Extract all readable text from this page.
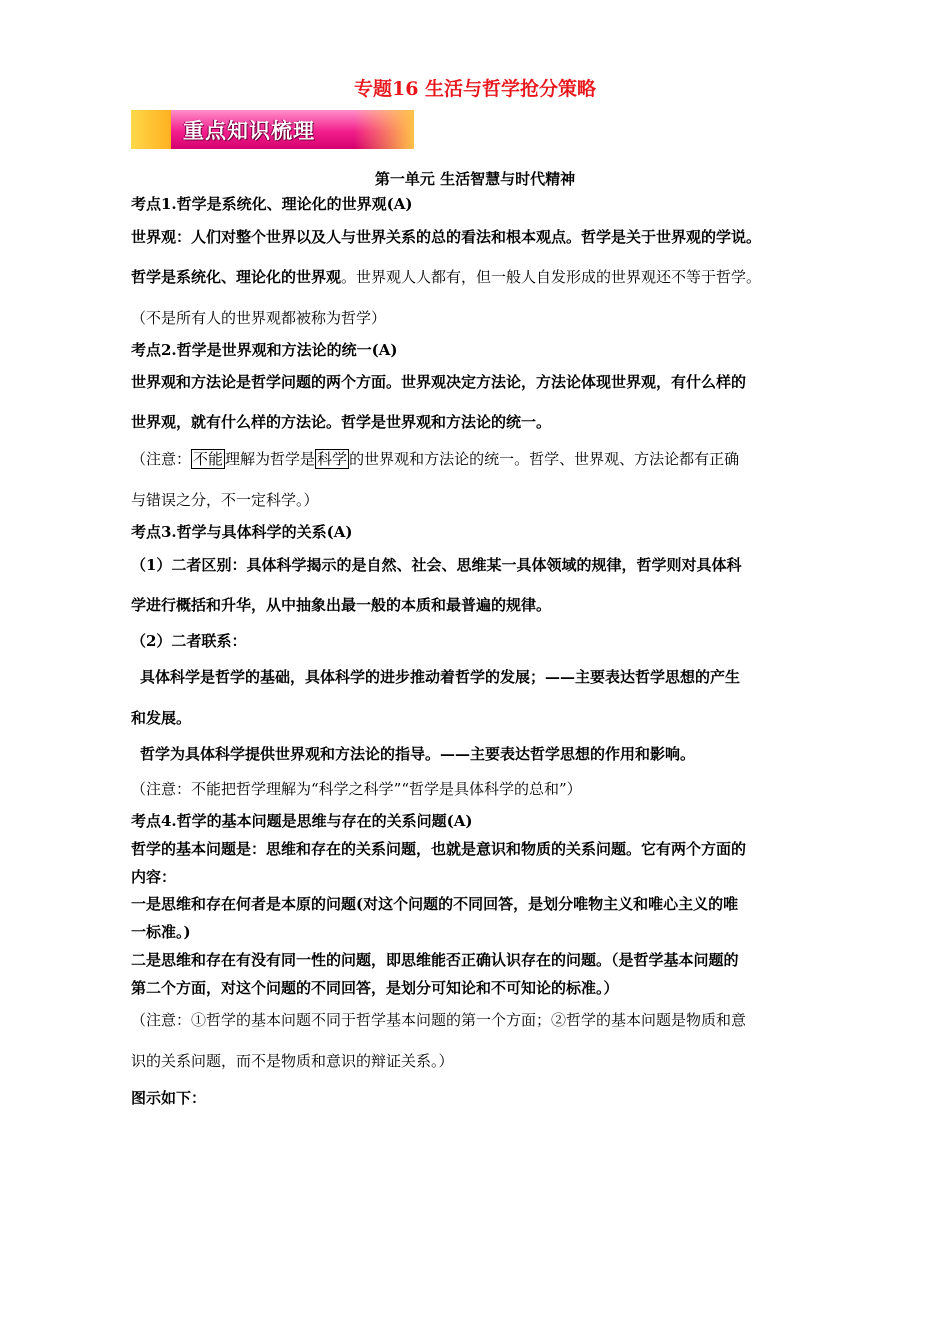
专题16 生活与哲学抢分策略
重点知识梳理
第一单元 生活智慧与时代精神
考点1.哲学是系统化、理论化的世界观(A)
世界观：人们对整个世界以及人与世界关系的总的看法和根本观点。哲学是关于世界观的学说。
哲学是系统化、理论化的世界观。世界观人人都有，但一般人自发形成的世界观还不等于哲学。
（不是所有人的世界观都被称为哲学）
考点2.哲学是世界观和方法论的统一(A)
世界观和方法论是哲学问题的两个方面。世界观决定方法论，方法论体现世界观，有什么样的
世界观，就有什么样的方法论。哲学是世界观和方法论的统一。
（注意： 不能 理解为哲学是 科学 的世界观和方法论的统一。哲学、世界观、方法论都有正确
与错误之分，不一定科学。）
考点3.哲学与具体科学的关系(A)
（1）二者区别：具体科学揭示的是自然、社会、思维某一具体领域的规律，哲学则对具体科
学进行概括和升华，从中抽象出最一般的本质和最普遍的规律。
（2）二者联系：
具体科学是哲学的基础，具体科学的进步推动着哲学的发展；——主要表达哲学思想的产生
和发展。
哲学为具体科学提供世界观和方法论的指导。——主要表达哲学思想的作用和影响。
（注意：不能把哲学理解为“科学之科学”“哲学是具体科学的总和”）
考点4.哲学的基本问题是思维与存在的关系问题(A)
哲学的基本问题是：思维和存在的关系问题，也就是意识和物质的关系问题。它有两个方面的
内容：
一是思维和存在何者是本原的问题(对这个问题的不同回答，是划分唯物主义和唯心主义的唯
一标准。)
二是思维和存在有没有同一性的问题，即思维能否正确认识存在的问题。（是哲学基本问题的
第二个方面，对这个问题的不同回答，是划分可知论和不可知论的标准。）
（注意：①哲学的基本问题不同于哲学基本问题的第一个方面；②哲学的基本问题是物质和意
识的关系问题，而不是物质和意识的辩证关系。）
图示如下：
